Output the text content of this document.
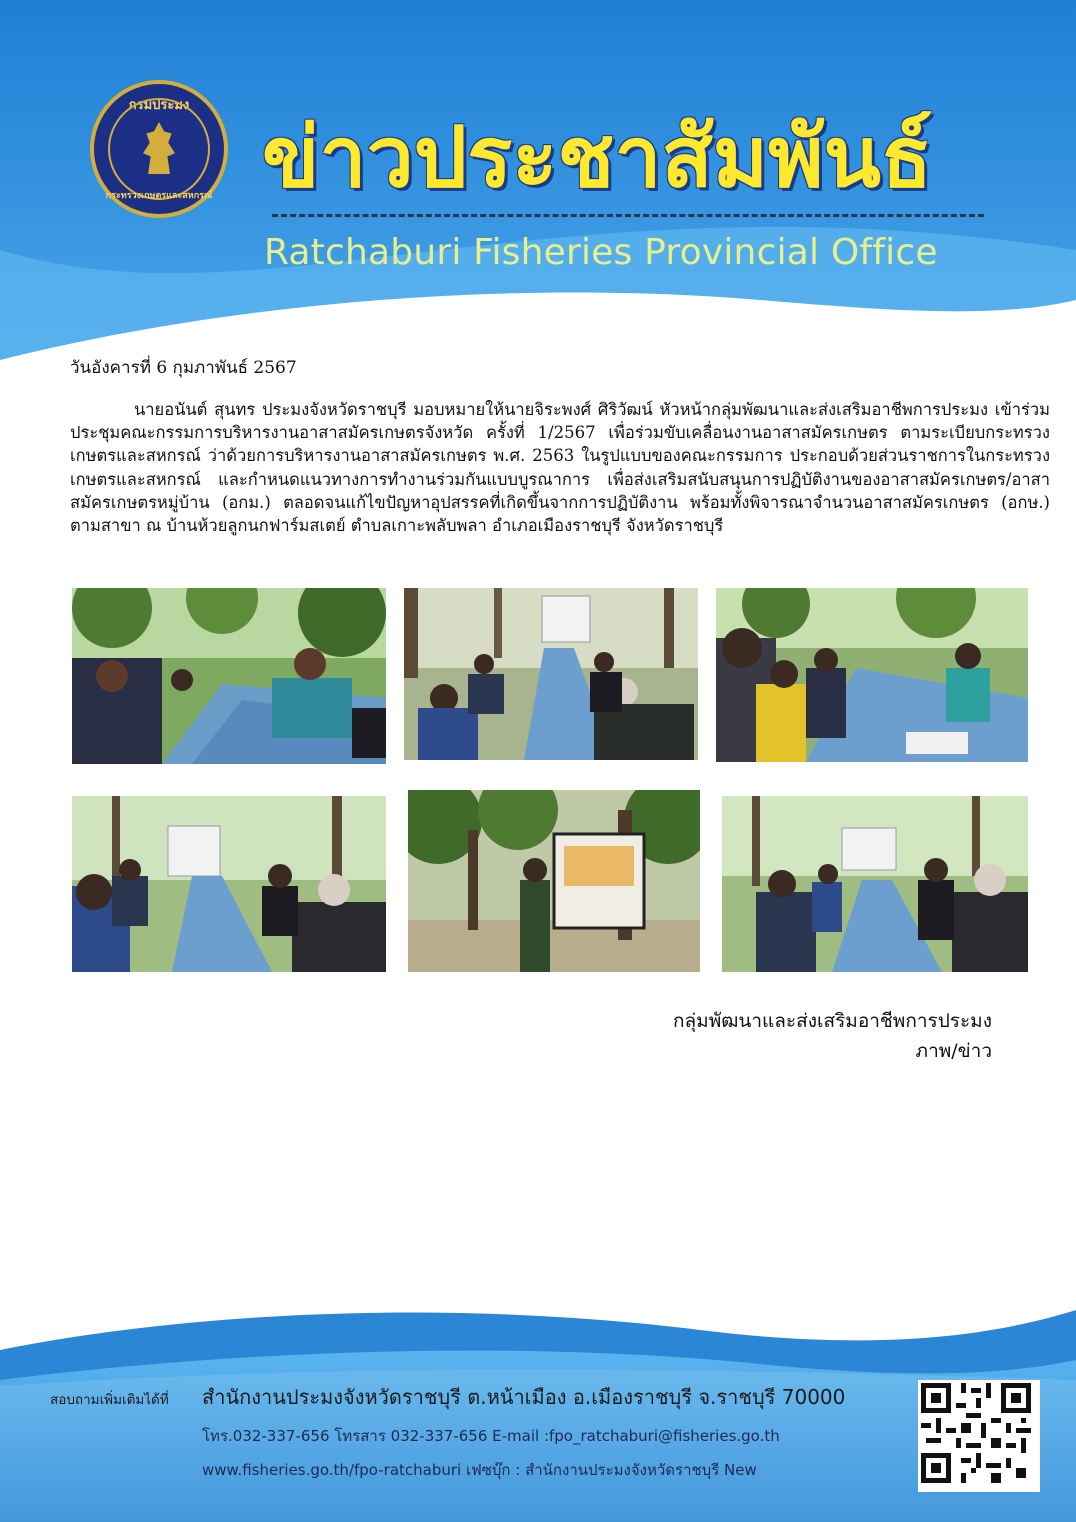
กรมประมง
กระทรวงเกษตรและสหกรณ์ ข่าวประชาสัมพันธ์
Ratchaburi Fisheries Provincial Office
วันอังคารที่ 6 กุมภาพันธ์ 2567

นายอนันต์ สุนทร ประมงจังหวัดราชบุรี มอบหมายให้นายจิระพงศ์ ศิริวัฒน์ หัวหน้ากลุ่มพัฒนาและส่งเสริมอาชีพการประมง เข้าร่วมประชุมคณะกรรมการบริหารงานอาสาสมัครเกษตรจังหวัด ครั้งที่ 1/2567 เพื่อร่วมขับเคลื่อนงานอาสาสมัครเกษตร ตามระเบียบกระทรวงเกษตรและสหกรณ์ ว่าด้วยการบริหารงานอาสาสมัครเกษตร พ.ศ. 2563 ในรูปแบบของคณะกรรมการ ประกอบด้วยส่วนราชการในกระทรวงเกษตรและสหกรณ์ และกำหนดแนวทางการทำงานร่วมกันแบบบูรณาการ เพื่อส่งเสริมสนับสนุนการปฏิบัติงานของอาสาสมัครเกษตร/อาสาสมัครเกษตรหมู่บ้าน (อกม.) ตลอดจนแก้ไขปัญหาอุปสรรคที่เกิดขึ้นจากการปฏิบัติงาน พร้อมทั้งพิจารณาจำนวนอาสาสมัครเกษตร (อกษ.) ตามสาขา ณ บ้านห้วยลูกนกฟาร์มสเตย์ ตำบลเกาะพลับพลา อำเภอเมืองราชบุรี จังหวัดราชบุรี

กลุ่มพัฒนาและส่งเสริมอาชีพการประมง
ภาพ/ข่าว
สอบถามเพิ่มเติมได้ที่ สำนักงานประมงจังหวัดราชบุรี ต.หน้าเมือง อ.เมืองราชบุรี จ.ราชบุรี 70000
โทร.032-337-656 โทรสาร 032-337-656 E-mail :fpo_ratchaburi@fisheries.go.th
www.fisheries.go.th/fpo-ratchaburi เฟซบุ๊ก : สำนักงานประมงจังหวัดราชบุรี New
